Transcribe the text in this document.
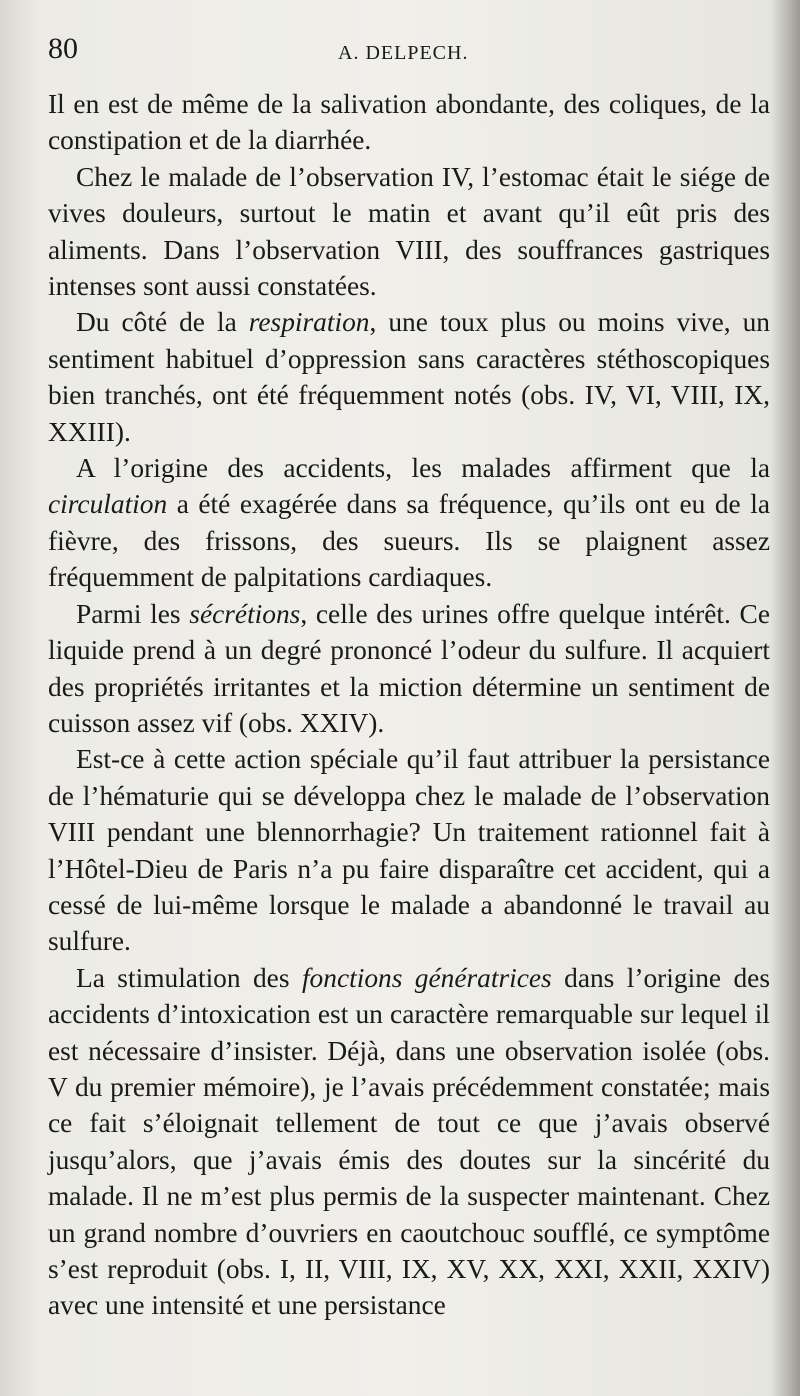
80	A. DELPECH.

Il en est de même de la salivation abondante, des coliques, de la constipation et de la diarrhée.

Chez le malade de l’observation IV, l’estomac était le siége de vives douleurs, surtout le matin et avant qu’il eût pris des aliments. Dans l’observation VIII, des souffrances gastriques intenses sont aussi constatées.

Du côté de la respiration, une toux plus ou moins vive, un sentiment habituel d’oppression sans caractères stéthoscopiques bien tranchés, ont été fréquemment notés (obs. IV, VI, VIII, IX, XXIII).

A l’origine des accidents, les malades affirment que la circulation a été exagérée dans sa fréquence, qu’ils ont eu de la fièvre, des frissons, des sueurs. Ils se plaignent assez fréquemment de palpitations cardiaques.

Parmi les sécrétions, celle des urines offre quelque intérêt. Ce liquide prend à un degré prononcé l’odeur du sulfure. Il acquiert des propriétés irritantes et la miction détermine un sentiment de cuisson assez vif (obs. XXIV).

Est-ce à cette action spéciale qu’il faut attribuer la persistance de l’hématurie qui se développa chez le malade de l’observation VIII pendant une blennorrhagie? Un traitement rationnel fait à l’Hôtel-Dieu de Paris n’a pu faire disparaître cet accident, qui a cessé de lui-même lorsque le malade a abandonné le travail au sulfure.

La stimulation des fonctions génératrices dans l’origine des accidents d’intoxication est un caractère remarquable sur lequel il est nécessaire d’insister. Déjà, dans une observation isolée (obs. V du premier mémoire), je l’avais précédemment constatée; mais ce fait s’éloignait tellement de tout ce que j’avais observé jusqu’alors, que j’avais émis des doutes sur la sincérité du malade. Il ne m’est plus permis de la suspecter maintenant. Chez un grand nombre d’ouvriers en caoutchouc soufflé, ce symptôme s’est reproduit (obs. I, II, VIII, IX, XV, XX, XXI, XXII, XXIV) avec une intensité et une persistance
